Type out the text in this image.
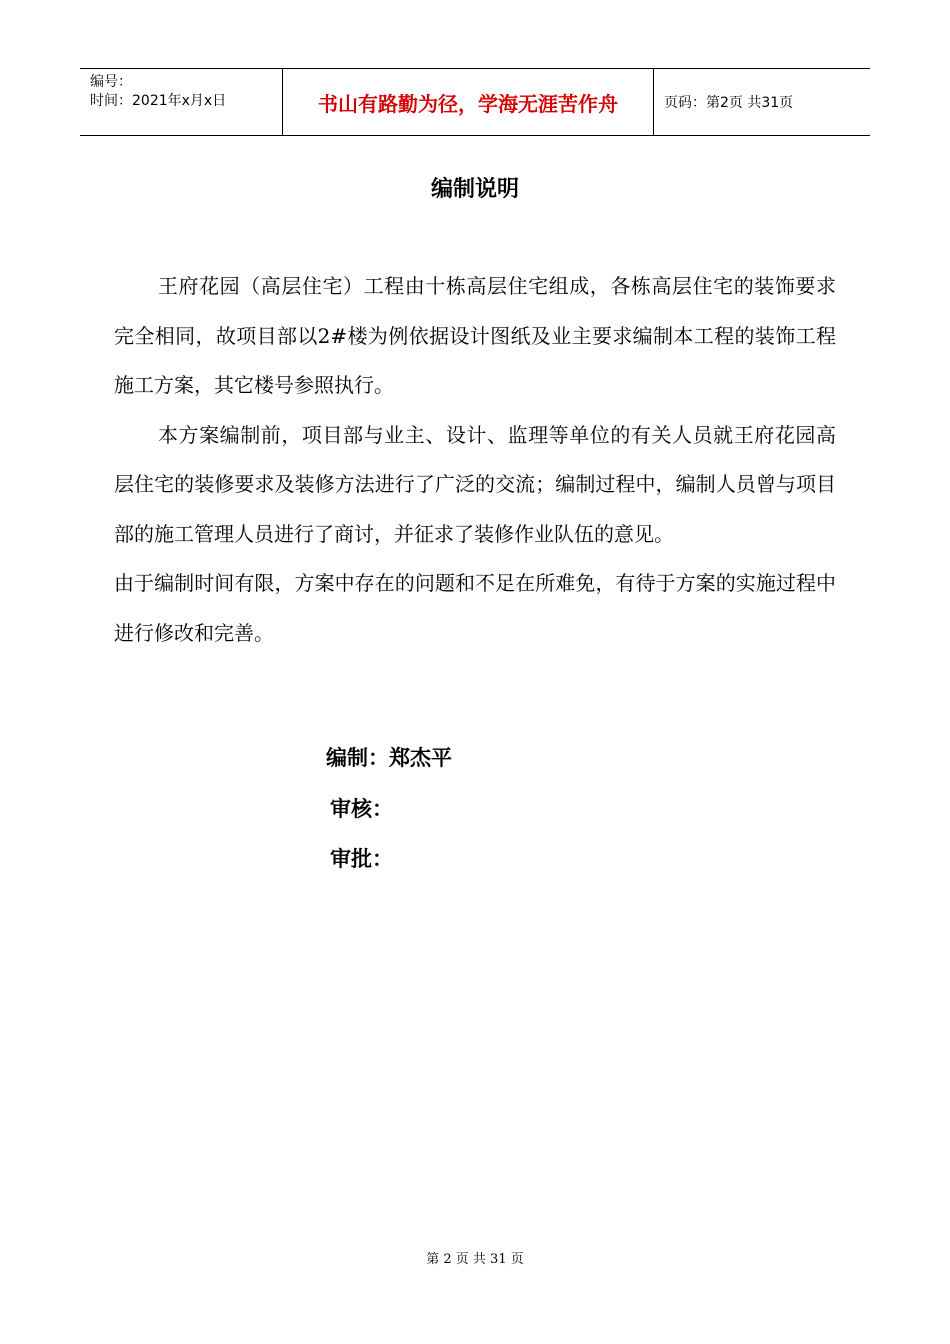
编号：
时间：2021年x月x日	书山有路勤为径，学海无涯苦作舟	页码：第2页 共31页
编制说明

王府花园（高层住宅）工程由十栋高层住宅组成，各栋高层住宅的装饰要求完全相同，故项目部以2#楼为例依据设计图纸及业主要求编制本工程的装饰工程施工方案，其它楼号参照执行。

本方案编制前，项目部与业主、设计、监理等单位的有关人员就王府花园高层住宅的装修要求及装修方法进行了广泛的交流；编制过程中，编制人员曾与项目部的施工管理人员进行了商讨，并征求了装修作业队伍的意见。

由于编制时间有限，方案中存在的问题和不足在所难免，有待于方案的实施过程中进行修改和完善。

编制：郑杰平
审核：
审批：
第 2 页 共 31 页
